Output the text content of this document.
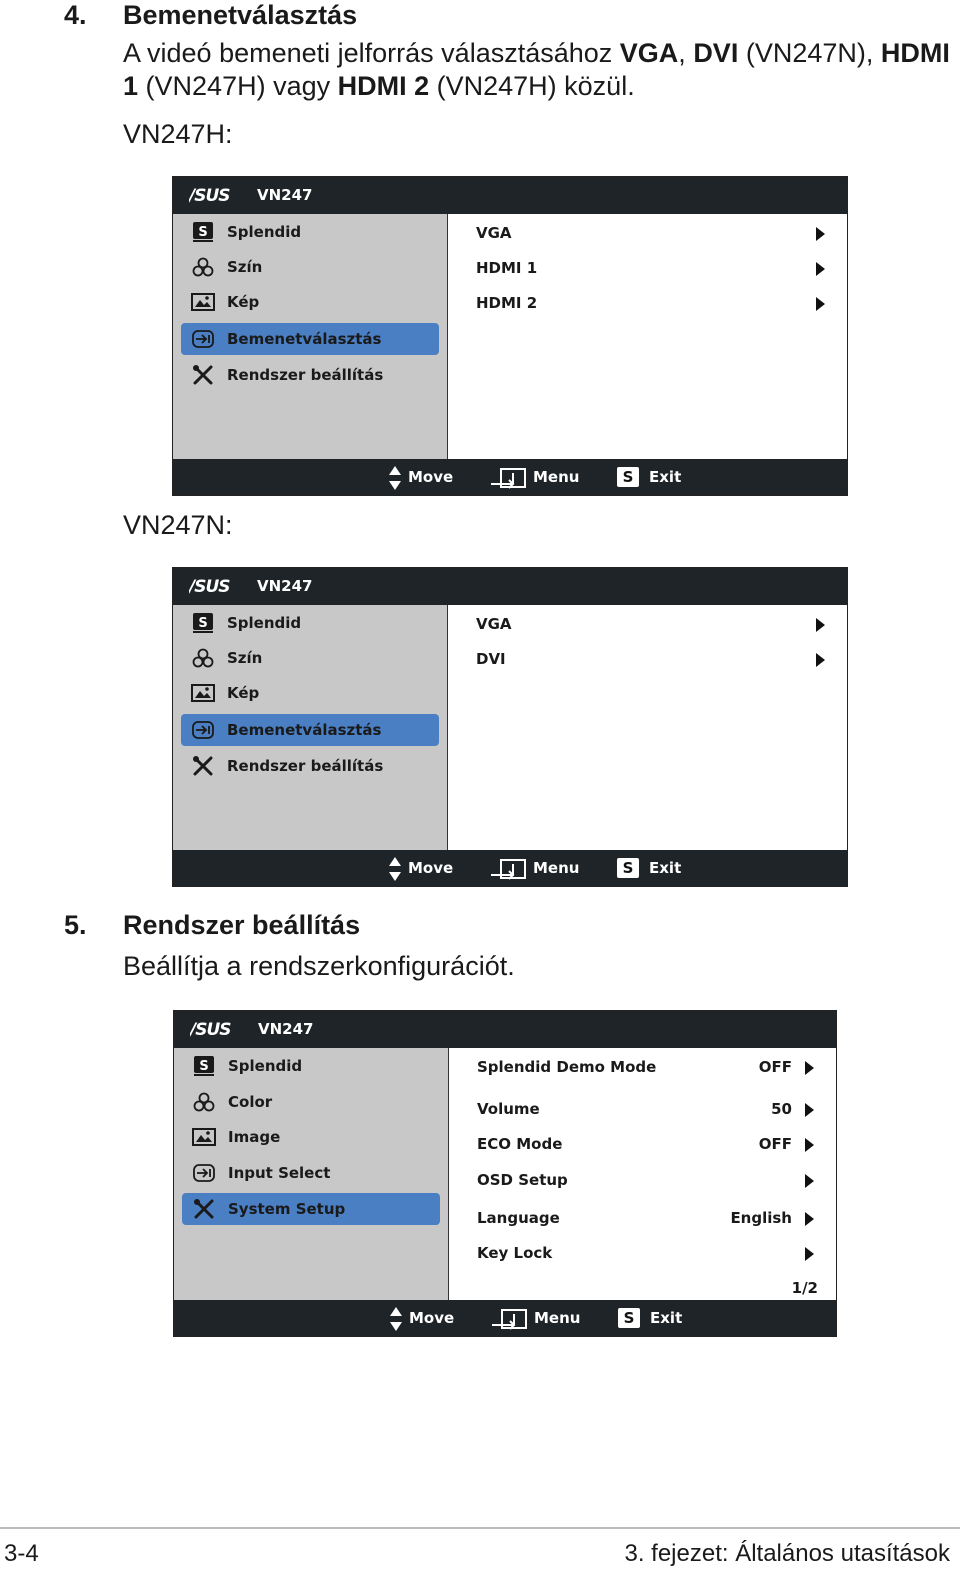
4. Bemenetválasztás
A videó bemeneti jelforrás választásához VGA, DVI (VN247N), HDMI 1 (VN247H) vagy HDMI 2 (VN247H) közül.
VN247H:
/SUS VN247
S Splendid
Szín
Kép
Bemenetválasztás
Rendszer beállítás
VGA
HDMI 1
HDMI 2
Move	Menu	S	Exit
VN247N:
/SUS VN247
S Splendid
Szín
Kép
Bemenetválasztás
Rendszer beállítás
VGA
DVI
Move	Menu	S	Exit
5. Rendszer beállítás
Beállítja a rendszerkonfigurációt.
/SUS VN247
S Splendid
Color
Image
Input Select
System Setup
Splendid Demo Mode	OFF
Volume	50
ECO Mode	OFF
OSD Setup
Language	English
Key Lock
1/2
Move	Menu	S	Exit
3-4	3. fejezet: Általános utasítások
